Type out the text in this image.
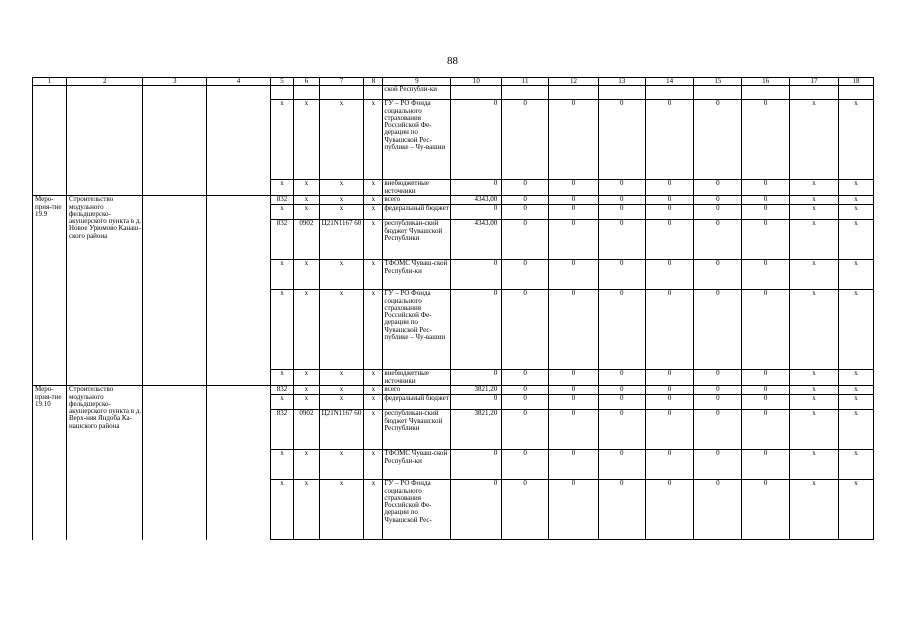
88
1	2	3	4	5	6	7	8	9	10	11	12	13	14	15	16	17	18
								ской Республи-ки									
				x	x	x	x	ГУ – РО Фонда социального страхования Российской Фе-дерации по Чувашской Рес-публике – Чу-вашии	0	0	0	0	0	0	0	x	x
				x	x	x	x	внебюджетные источники	0	0	0	0	0	0	0	x	x
Меро-прия-тие 19.9	Строительство модульного фельдшерско-акушерского пункта в д. Новое Урюмово Канаш-ского района			832	x	x	x	всего	4343,00	0	0	0	0	0	0	x	x
				x	x	x	x	федеральный бюджет	0	0	0	0	0	0	0	x	x
				832	0902	Ц21N1167 60	x	республикан-ский бюджет Чувашской Республики	4343,00	0	0	0	0	0	0	x	x
				x	x	x	x	ТФОМС Чуваш-ской Республи-ки	0	0	0	0	0	0	0	x	x
				x	x	x	x	ГУ – РО Фонда социального страхования Российской Фе-дерации по Чувашской Рес-публике – Чу-вашии	0	0	0	0	0	0	0	x	x
				x	x	x	x	внебюджетные источники	0	0	0	0	0	0	0	x	x
Меро-прия-тие 19.10	Строительство модульного фельдшерско-акушерского пункта в д. Верх-няя Яндоба Ка-нашского района			832	x	x	x	всего	3821,20	0	0	0	0	0	0	x	x
				x	x	x	x	федеральный бюджет	0	0	0	0	0	0	0	x	x
				832	0902	Ц21N1167 60	x	республикан-ский бюджет Чувашской Республики	3821,20	0	0	0	0	0	0	x	x
				x	x	x	x	ТФОМС Чуваш-ской Республи-ки	0	0	0	0	0	0	0	x	x
				x	x	x	x	ГУ – РО Фонда социального страхования Российской Фе-дерации по Чувашской Рес-	0	0	0	0	0	0	0	x	x
